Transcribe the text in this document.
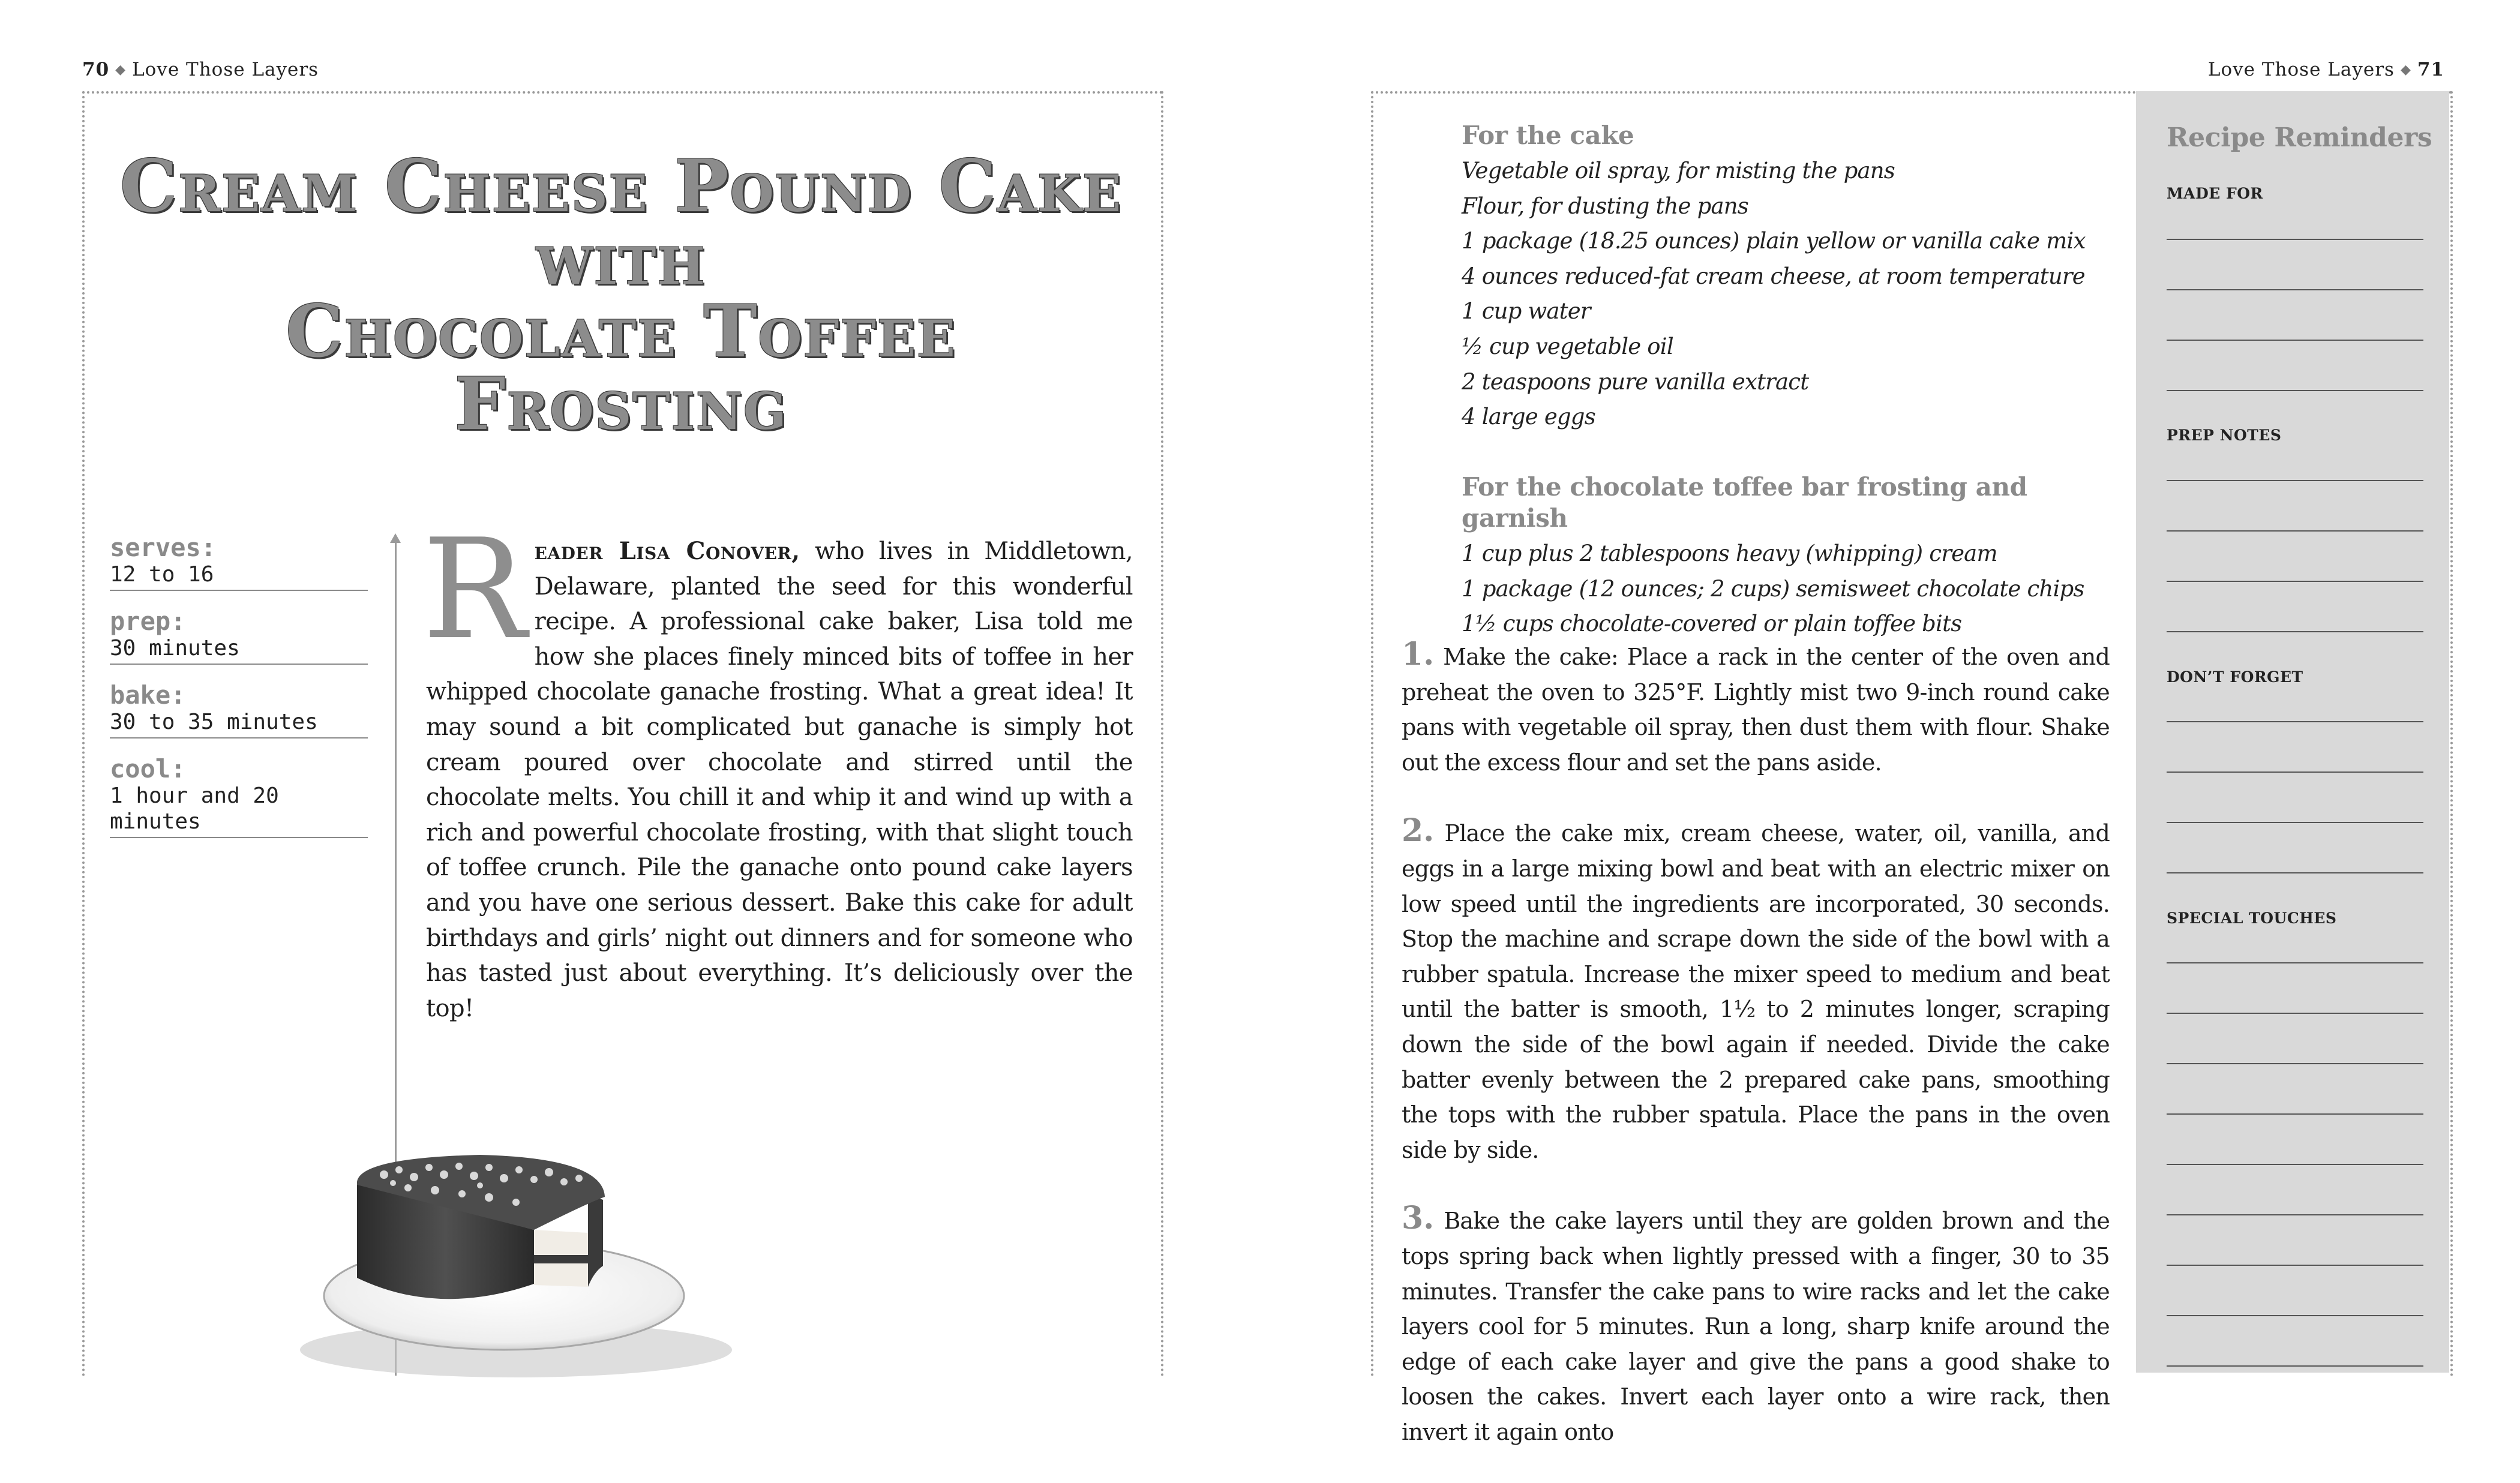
70 ◆ Love Those Layers	Love Those Layers ◆ 71
Cream Cheese Pound Cake
with
Chocolate Toffee
Frosting
serves:
12 to 16
prep:
30 minutes
bake:
30 to 35 minutes
cool:
1 hour and 20 minutes
Reader Lisa Conover, who lives in Middletown, Delaware, planted the seed for this wonderful recipe. A professional cake baker, Lisa told me how she places finely minced bits of toffee in her whipped chocolate ganache frosting. What a great idea! It may sound a bit complicated but ganache is simply hot cream poured over chocolate and stirred until the chocolate melts. You chill it and whip it and wind up with a rich and powerful chocolate frosting, with that slight touch of toffee crunch. Pile the ganache onto pound cake layers and you have one serious dessert. Bake this cake for adult birthdays and girls’ night out dinners and for someone who has tasted just about everything. It’s deliciously over the top!
For the cake
Vegetable oil spray, for misting the pans
Flour, for dusting the pans
1 package (18.25 ounces) plain yellow or vanilla cake mix
4 ounces reduced-fat cream cheese, at room temperature
1 cup water
½ cup vegetable oil
2 teaspoons pure vanilla extract
4 large eggs
For the chocolate toffee bar frosting and garnish
1 cup plus 2 tablespoons heavy (whipping) cream
1 package (12 ounces; 2 cups) semisweet chocolate chips
1½ cups chocolate-covered or plain toffee bits
1. Make the cake: Place a rack in the center of the oven and preheat the oven to 325°F. Lightly mist two 9-inch round cake pans with vegetable oil spray, then dust them with flour. Shake out the excess flour and set the pans aside.
2. Place the cake mix, cream cheese, water, oil, vanilla, and eggs in a large mixing bowl and beat with an electric mixer on low speed until the ingredients are incorporated, 30 seconds. Stop the machine and scrape down the side of the bowl with a rubber spatula. Increase the mixer speed to medium and beat until the batter is smooth, 1½ to 2 minutes longer, scraping down the side of the bowl again if needed. Divide the cake batter evenly between the 2 prepared cake pans, smoothing the tops with the rubber spatula. Place the pans in the oven side by side.
3. Bake the cake layers until they are golden brown and the tops spring back when lightly pressed with a finger, 30 to 35 minutes. Transfer the cake pans to wire racks and let the cake layers cool for 5 minutes. Run a long, sharp knife around the edge of each cake layer and give the pans a good shake to loosen the cakes. Invert each layer onto a wire rack, then invert it again onto
Recipe Reminders
MADE FOR
PREP NOTES
DON’T FORGET
SPECIAL TOUCHES
